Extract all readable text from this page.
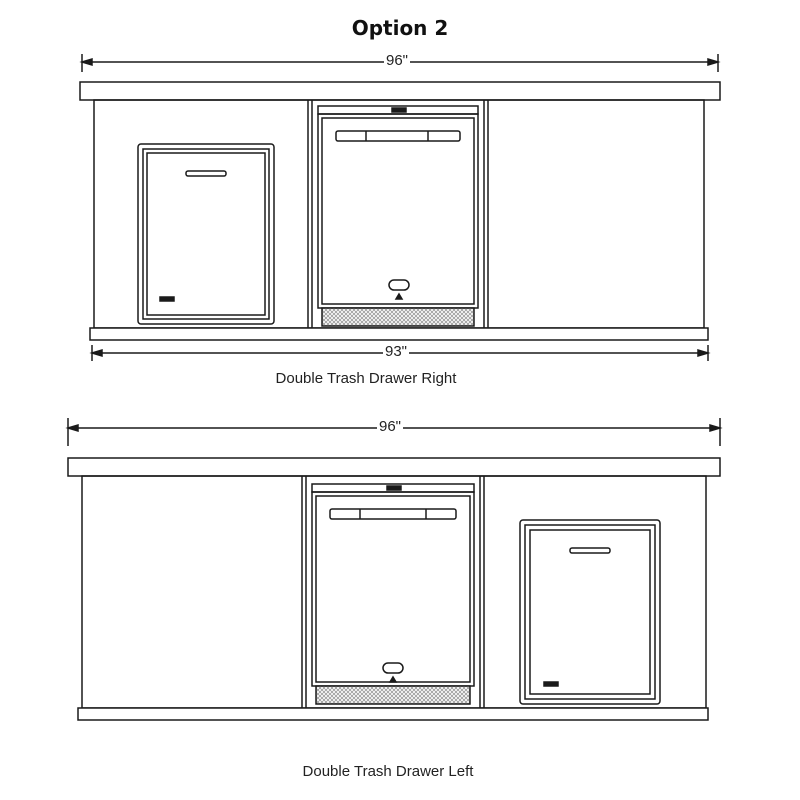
Option 2
96"
93"
Double Trash Drawer Right
96"
Double Trash Drawer Left
